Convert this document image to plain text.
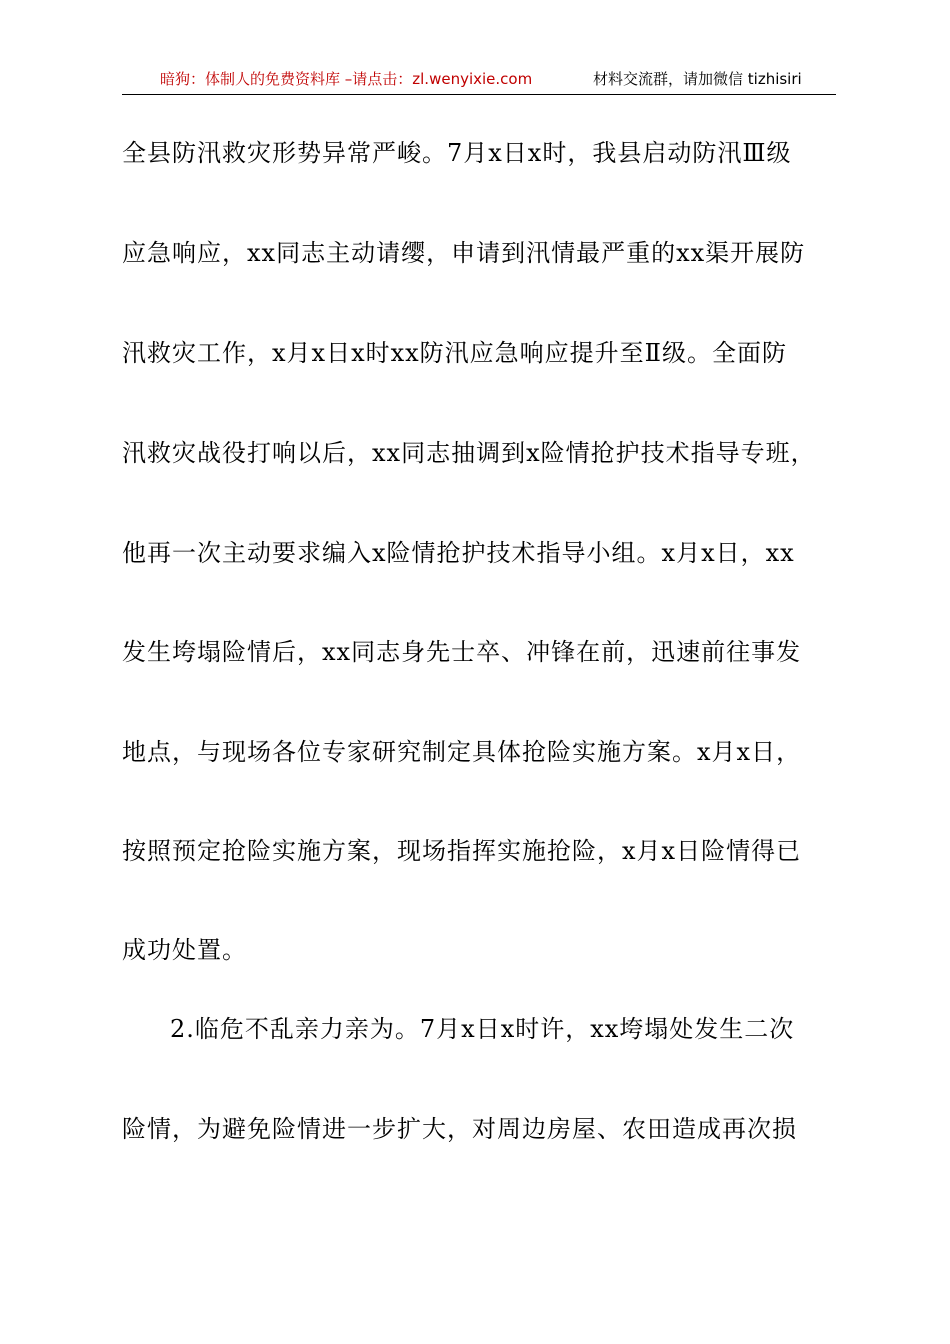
暗狗：体制人的免费资料库 –请点击：zl.wenyixie.com	材料交流群，请加微信 tizhisiri
全县防汛救灾形势异常严峻。7月x日x时，我县启动防汛Ⅲ级
应急响应，xx同志主动请缨，申请到汛情最严重的xx渠开展防
汛救灾工作，x月x日x时xx防汛应急响应提升至Ⅱ级。全面防
汛救灾战役打响以后，xx同志抽调到x险情抢护技术指导专班，
他再一次主动要求编入x险情抢护技术指导小组。x月x日，xx
发生垮塌险情后，xx同志身先士卒、冲锋在前，迅速前往事发
地点，与现场各位专家研究制定具体抢险实施方案。x月x日，
按照预定抢险实施方案，现场指挥实施抢险，x月x日险情得已
成功处置。
2.临危不乱亲力亲为。7月x日x时许，xx垮塌处发生二次
险情，为避免险情进一步扩大，对周边房屋、农田造成再次损
